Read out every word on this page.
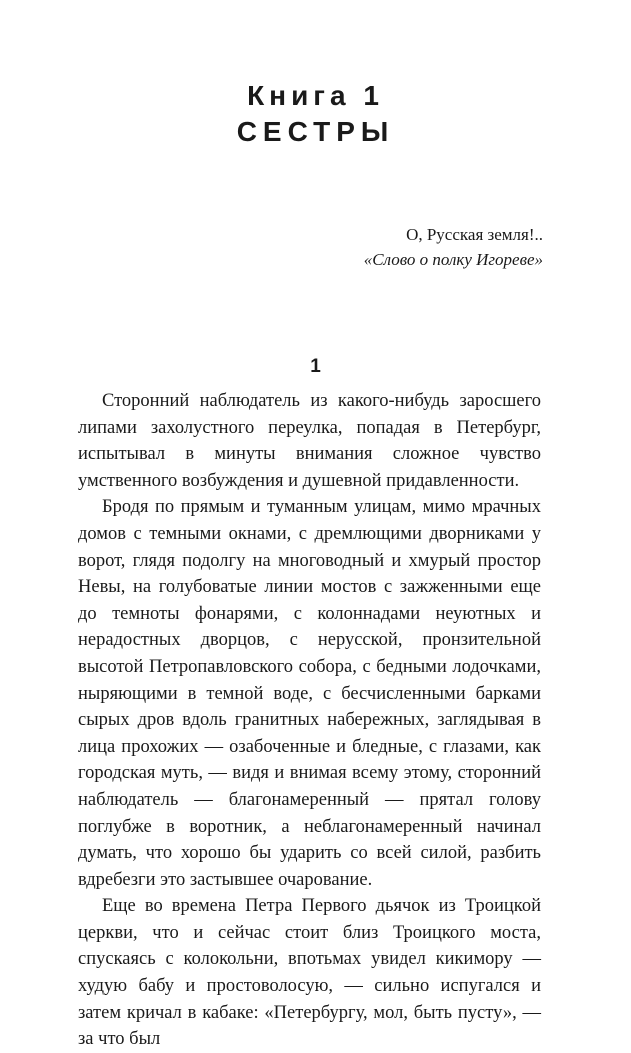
Книга 1
СЕСТРЫ
О, Русская земля!..
«Слово о полку Игореве»
1

Сторонний наблюдатель из какого-нибудь заросшего липами захолустного переулка, попадая в Петербург, испытывал в минуты внимания сложное чувство умственного возбуждения и душевной придавленности.

Бродя по прямым и туманным улицам, мимо мрачных домов с темными окнами, с дремлющими дворниками у ворот, глядя подолгу на многоводный и хмурый простор Невы, на голубоватые линии мостов с зажженными еще до темноты фонарями, с колоннадами неуютных и нерадостных дворцов, с нерусской, пронзительной высотой Петропавловского собора, с бедными лодочками, ныряющими в темной воде, с бесчисленными барками сырых дров вдоль гранитных набережных, заглядывая в лица прохожих — озабоченные и бледные, с глазами, как городская муть, — видя и внимая всему этому, сторонний наблюдатель — благонамеренный — прятал голову поглубже в воротник, а неблагонамеренный начинал думать, что хорошо бы ударить со всей силой, разбить вдребезги это застывшее очарование.

Еще во времена Петра Первого дьячок из Троицкой церкви, что и сейчас стоит близ Троицкого моста, спускаясь с колокольни, впотьмах увидел кикимору — худую бабу и простоволосую, — сильно испугался и затем кричал в кабаке: «Петербургу, мол, быть пусту», — за что был
